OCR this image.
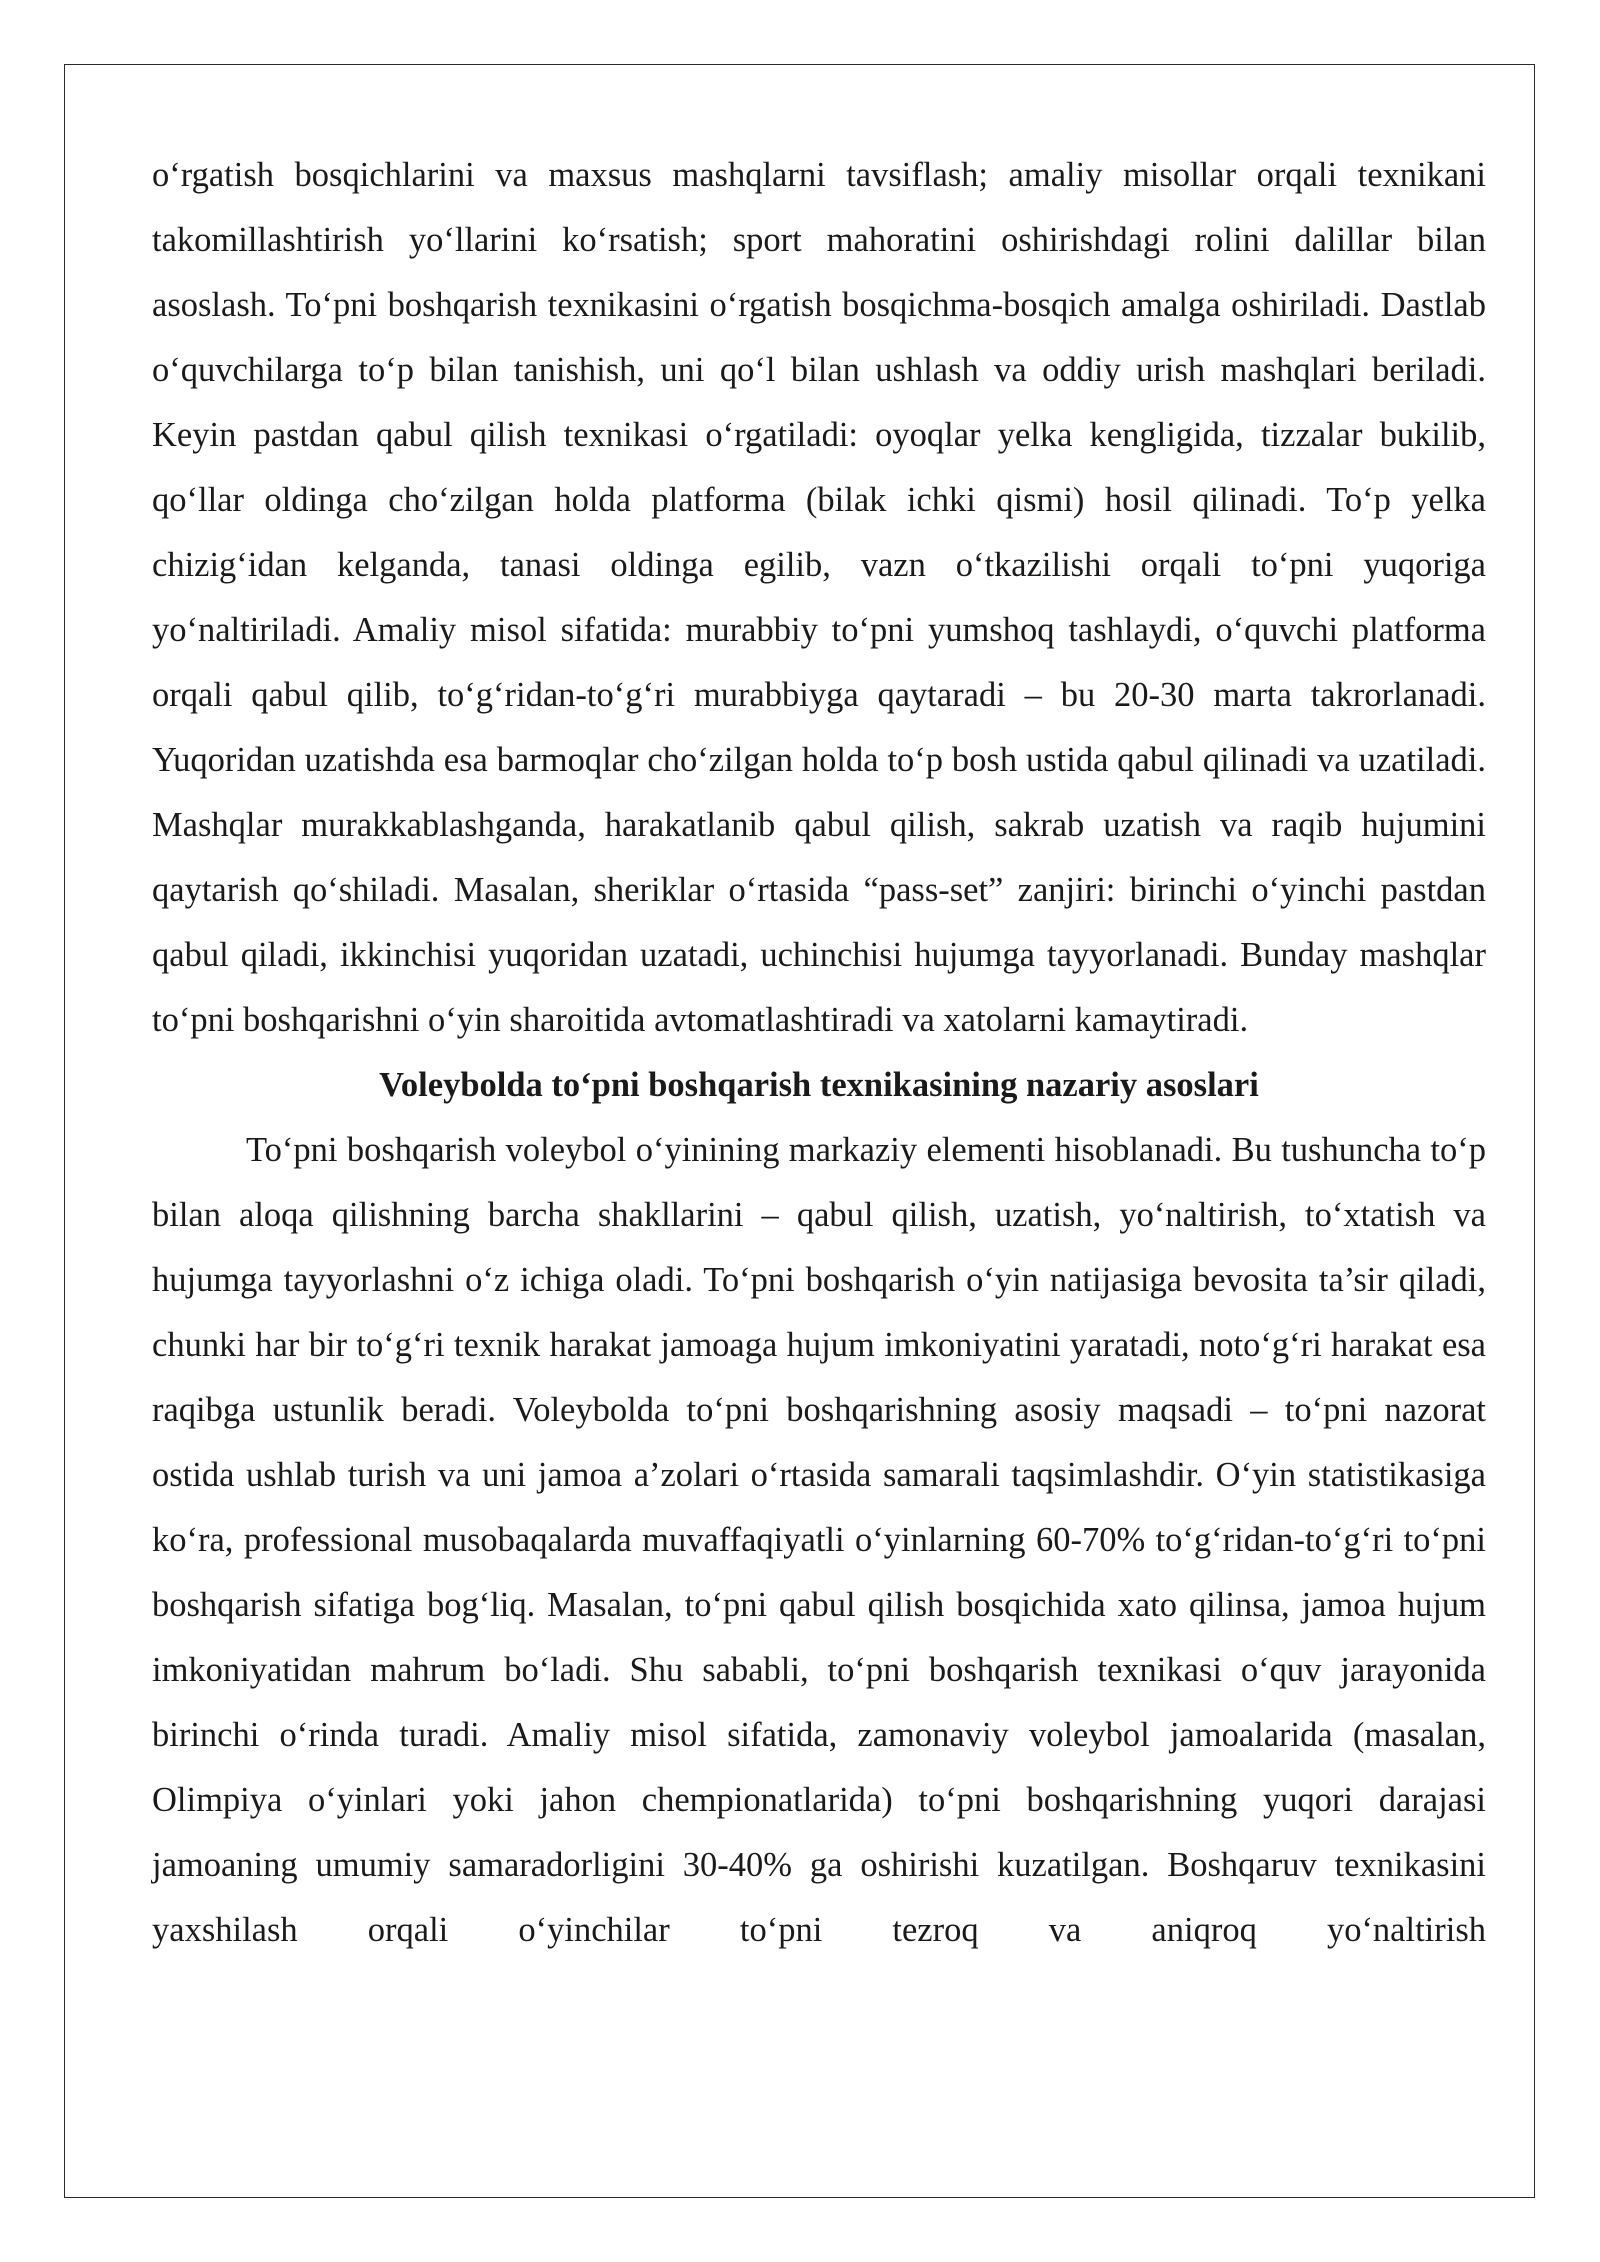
o‘rgatish bosqichlarini va maxsus mashqlarni tavsiflash; amaliy misollar orqali texnikani takomillashtirish yo‘llarini ko‘rsatish; sport mahoratini oshirishdagi rolini dalillar bilan asoslash. To‘pni boshqarish texnikasini o‘rgatish bosqichma-bosqich amalga oshiriladi. Dastlab o‘quvchilarga to‘p bilan tanishish, uni qo‘l bilan ushlash va oddiy urish mashqlari beriladi. Keyin pastdan qabul qilish texnikasi o‘rgatiladi: oyoqlar yelka kengligida, tizzalar bukilib, qo‘llar oldinga cho‘zilgan holda platforma (bilak ichki qismi) hosil qilinadi. To‘p yelka chizig‘idan kelganda, tanasi oldinga egilib, vazn o‘tkazilishi orqali to‘pni yuqoriga yo‘naltiriladi. Amaliy misol sifatida: murabbiy to‘pni yumshoq tashlaydi, o‘quvchi platforma orqali qabul qilib, to‘g‘ridan-to‘g‘ri murabbiyga qaytaradi – bu 20-30 marta takrorlanadi. Yuqoridan uzatishda esa barmoqlar cho‘zilgan holda to‘p bosh ustida qabul qilinadi va uzatiladi. Mashqlar murakkablashganda, harakatlanib qabul qilish, sakrab uzatish va raqib hujumini qaytarish qo‘shiladi. Masalan, sheriklar o‘rtasida “pass-set” zanjiri: birinchi o‘yinchi pastdan qabul qiladi, ikkinchisi yuqoridan uzatadi, uchinchisi hujumga tayyorlanadi. Bunday mashqlar to‘pni boshqarishni o‘yin sharoitida avtomatlashtiradi va xatolarni kamaytiradi.

Voleybolda to‘pni boshqarish texnikasining nazariy asoslari

To‘pni boshqarish voleybol o‘yinining markaziy elementi hisoblanadi. Bu tushuncha to‘p bilan aloqa qilishning barcha shakllarini – qabul qilish, uzatish, yo‘naltirish, to‘xtatish va hujumga tayyorlashni o‘z ichiga oladi. To‘pni boshqarish o‘yin natijasiga bevosita ta’sir qiladi, chunki har bir to‘g‘ri texnik harakat jamoaga hujum imkoniyatini yaratadi, noto‘g‘ri harakat esa raqibga ustunlik beradi. Voleybolda to‘pni boshqarishning asosiy maqsadi – to‘pni nazorat ostida ushlab turish va uni jamoa a’zolari o‘rtasida samarali taqsimlashdir. O‘yin statistikasiga ko‘ra, professional musobaqalarda muvaffaqiyatli o‘yinlarning 60-70% to‘g‘ridan-to‘g‘ri to‘pni boshqarish sifatiga bog‘liq. Masalan, to‘pni qabul qilish bosqichida xato qilinsa, jamoa hujum imkoniyatidan mahrum bo‘ladi. Shu sababli, to‘pni boshqarish texnikasi o‘quv jarayonida birinchi o‘rinda turadi. Amaliy misol sifatida, zamonaviy voleybol jamoalarida (masalan, Olimpiya o‘yinlari yoki jahon chempionatlarida) to‘pni boshqarishning yuqori darajasi jamoaning umumiy samaradorligini 30-40% ga oshirishi kuzatilgan. Boshqaruv texnikasini yaxshilash orqali o‘yinchilar to‘pni tezroq va aniqroq yo‘naltirish
